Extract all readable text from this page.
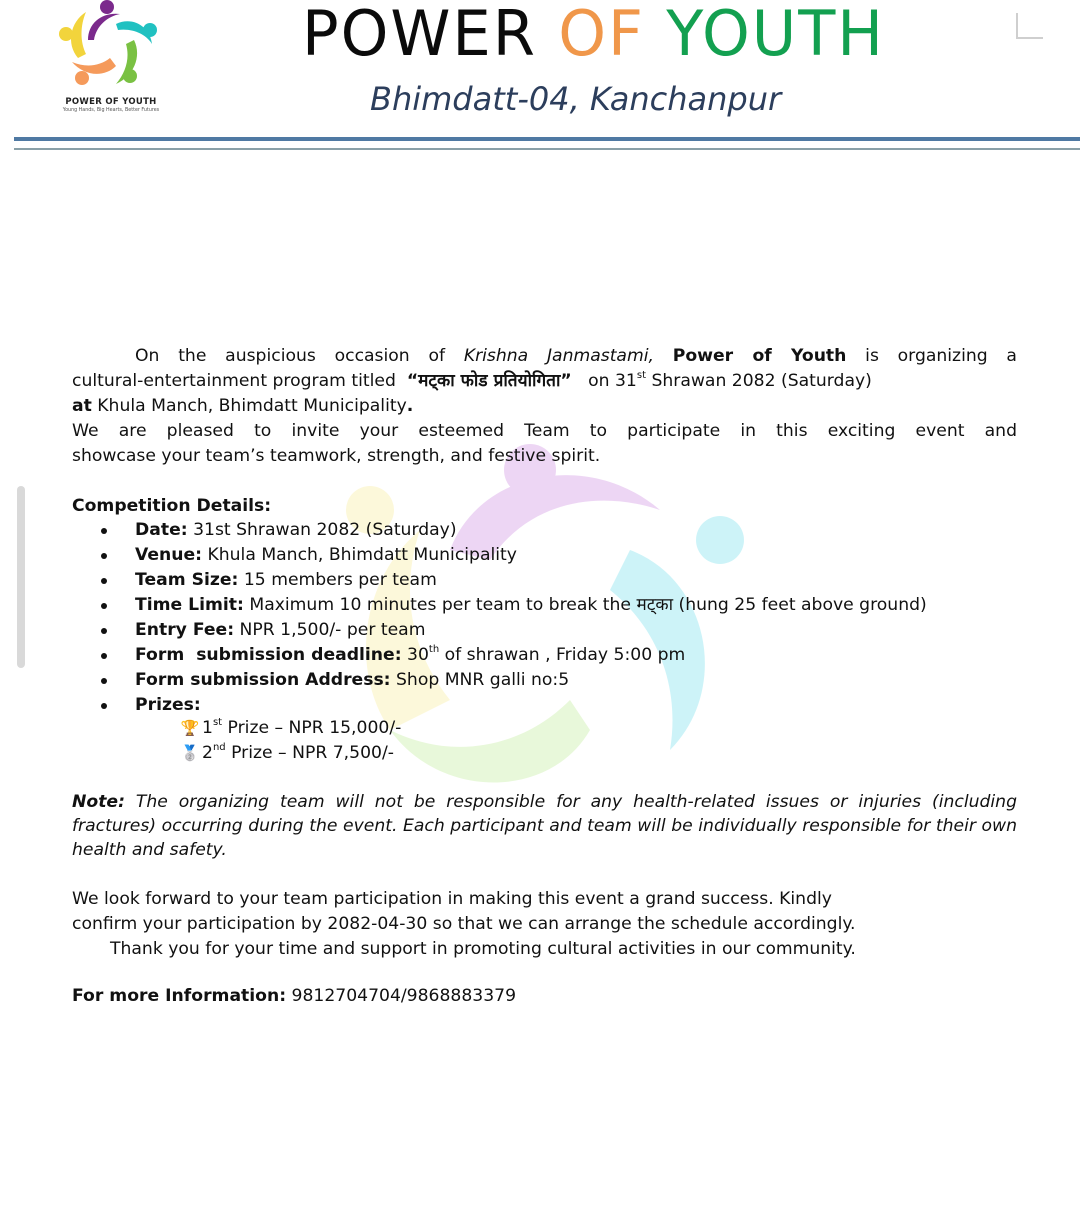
POWER OF YOUTH
Young Hands, Big Hearts, Better Futures
POWER OF YOUTH
Bhimdatt-04, Kanchanpur
On the auspicious occasion of Krishna Janmastami, Power of Youth is organizing a
cultural-entertainment program titled  “मट्का फोड प्रतियोगिता”   on 31st Shrawan 2082 (Saturday)
at Khula Manch, Bhimdatt Municipality.
We are pleased to invite your esteemed Team to participate in this exciting event and
showcase your team’s teamwork, strength, and festive spirit.
Competition Details:
Date: 31st Shrawan 2082 (Saturday)
Venue: Khula Manch, Bhimdatt Municipality
Team Size: 15 members per team
Time Limit: Maximum 10 minutes per team to break the मट्का (hung 25 feet above ground)
Entry Fee: NPR 1,500/- per team
Form  submission deadline: 30th of shrawan , Friday 5:00 pm
Form submission Address: Shop MNR galli no:5
Prizes:
🏆 1st Prize – NPR 15,000/-
🥈 2nd Prize – NPR 7,500/-
Note: The organizing team will not be responsible for any health-related issues or injuries (including fractures) occurring during the event. Each participant and team will be individually responsible for their own health and safety.
We look forward to your team participation in making this event a grand success. Kindly
confirm your participation by 2082-04-30 so that we can arrange the schedule accordingly.
Thank you for your time and support in promoting cultural activities in our community.
For more Information: 9812704704/9868883379
